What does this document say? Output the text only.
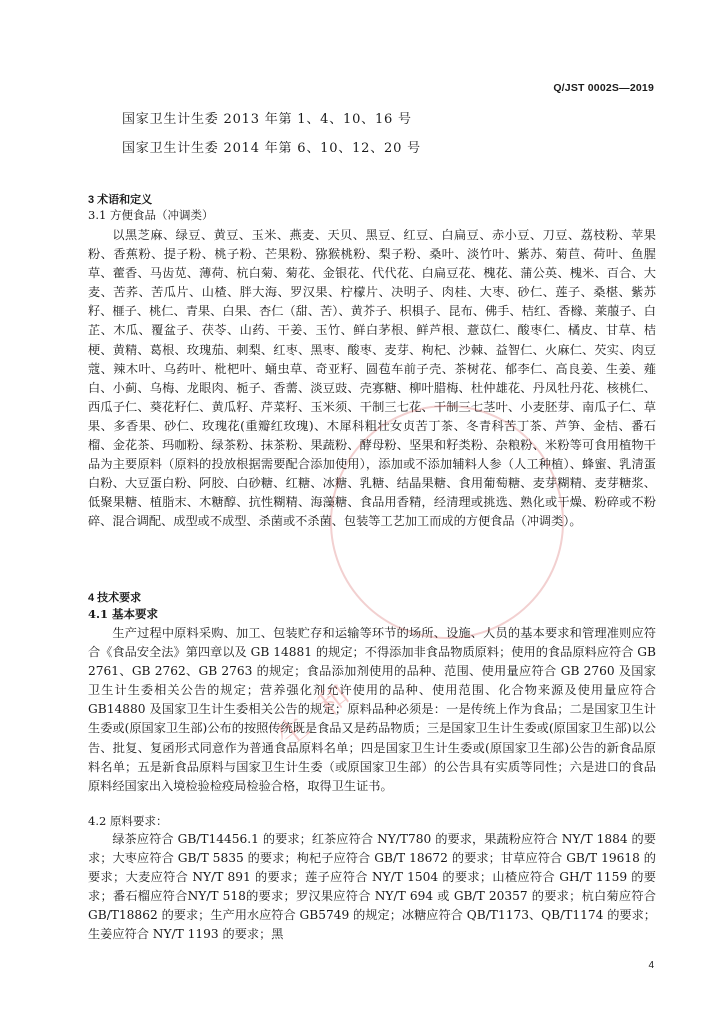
Q/JST 0002S—2019
国家卫生计生委 2013 年第 1、4、10、16 号
国家卫生计生委 2014 年第 6、10、12、20 号
3 术语和定义
3.1 方便食品（冲调类）

以黑芝麻、绿豆、黄豆、玉米、燕麦、天贝、黑豆、红豆、白扁豆、赤小豆、刀豆、荔枝粉、苹果粉、香蕉粉、提子粉、桃子粉、芒果粉、猕猴桃粉、梨子粉、桑叶、淡竹叶、紫苏、菊苣、荷叶、鱼腥草、藿香、马齿苋、薄荷、杭白菊、菊花、金银花、代代花、白扁豆花、槐花、蒲公英、槐米、百合、大麦、苦荞、苦瓜片、山楂、胖大海、罗汉果、柠檬片、决明子、肉桂、大枣、砂仁、莲子、桑椹、紫苏籽、榧子、桃仁、青果、白果、杏仁（甜、苦）、黄芥子、枳椇子、昆布、佛手、桔红、香橼、莱菔子、白芷、木瓜、覆盆子、茯苓、山药、干姜、玉竹、鲜白茅根、鲜芦根、薏苡仁、酸枣仁、橘皮、甘草、桔梗、黄精、葛根、玫瑰茄、刺梨、红枣、黑枣、酸枣、麦芽、枸杞、沙棘、益智仁、火麻仁、芡实、肉豆蔻、辣木叶、乌药叶、枇杷叶、蛹虫草、奇亚籽、圆苞车前子壳、茶树花、郁李仁、高良姜、生姜、薤白、小蓟、乌梅、龙眼肉、栀子、香薷、淡豆豉、壳寡糖、柳叶腊梅、杜仲雄花、丹凤牡丹花、核桃仁、西瓜子仁、葵花籽仁、黄瓜籽、芹菜籽、玉米须、干制三七花、干制三七茎叶、小麦胚芽、南瓜子仁、草果、多香果、砂仁、玫瑰花(重瓣红玫瑰)、木犀科粗壮女贞苦丁茶、冬青科苦丁茶、芦笋、金桔、番石榴、金花茶、玛咖粉、绿茶粉、抹茶粉、果蔬粉、酵母粉、坚果和籽类粉、杂粮粉、米粉等可食用植物干品为主要原料（原料的投放根据需要配合添加使用），添加或不添加辅料人参（人工种植）、蜂蜜、乳清蛋白粉、大豆蛋白粉、阿胶、白砂糖、红糖、冰糖、乳糖、结晶果糖、食用葡萄糖、麦芽糊精、麦芽糖浆、低聚果糖、植脂末、木糖醇、抗性糊精、海藻糖、食品用香精，经清理或挑选、熟化或干燥、粉碎或不粉碎、混合调配、成型或不成型、杀菌或不杀菌、包装等工艺加工而成的方便食品（冲调类）。

4 技术要求
4.1 基本要求

生产过程中原料采购、加工、包装贮存和运输等环节的场所、设施、人员的基本要求和管理准则应符合《食品安全法》第四章以及 GB 14881 的规定；不得添加非食品物质原料；使用的食品原料应符合 GB 2761、GB 2762、GB 2763 的规定；食品添加剂使用的品种、范围、使用量应符合 GB 2760 及国家卫生计生委相关公告的规定；营养强化剂允许使用的品种、使用范围、化合物来源及使用量应符合 GB14880 及国家卫生计生委相关公告的规定；原料品种必须是：一是传统上作为食品；二是国家卫生计生委或(原国家卫生部)公布的按照传统既是食品又是药品物质；三是国家卫生计生委或(原国家卫生部)以公告、批复、复函形式同意作为普通食品原料名单；四是国家卫生计生委或(原国家卫生部)公告的新食品原料名单；五是新食品原料与国家卫生计生委（或原国家卫生部）的公告具有实质等同性；六是进口的食品原料经国家出入境检验检疫局检验合格，取得卫生证书。

4.2 原料要求：

绿茶应符合 GB/T14456.1 的要求；红茶应符合 NY/T780 的要求，果蔬粉应符合 NY/T 1884 的要求；大枣应符合 GB/T 5835 的要求；枸杞子应符合 GB/T 18672 的要求；甘草应符合 GB/T 19618 的要求；大麦应符合 NY/T 891 的要求；莲子应符合 NY/T 1504 的要求；山楂应符合 GH/T 1159 的要求；番石榴应符合NY/T 518的要求；罗汉果应符合 NY/T 694 或 GB/T 20357 的要求；杭白菊应符合 GB/T18862 的要求；生产用水应符合 GB5749 的规定；冰糖应符合 QB/T1173、QB/T1174 的要求；生姜应符合 NY/T 1193 的要求；黑

生 和
4
